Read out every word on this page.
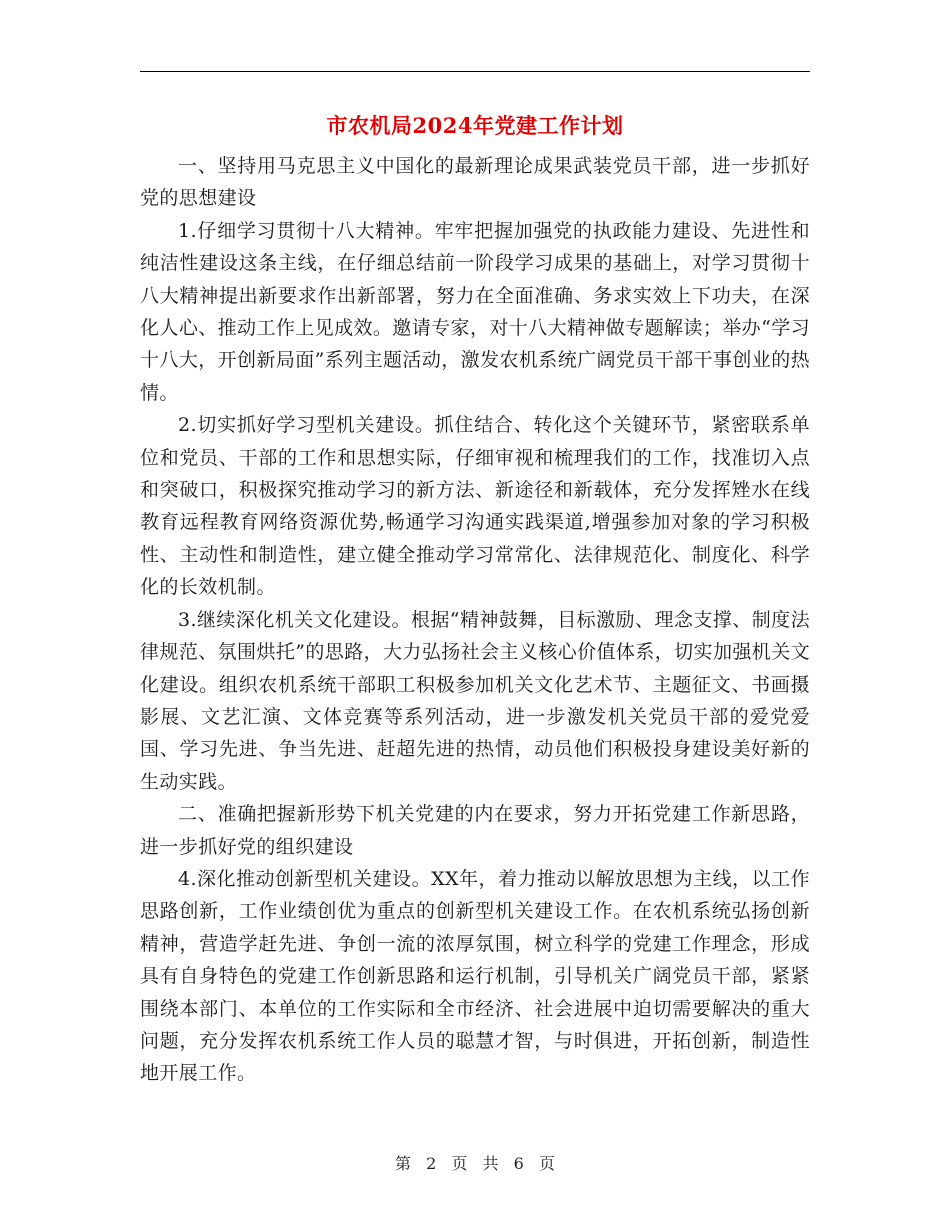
市农机局2024年党建工作计划

一、坚持用马克思主义中国化的最新理论成果武装党员干部，进一步抓好党的思想建设

1.仔细学习贯彻十八大精神。牢牢把握加强党的执政能力建设、先进性和纯洁性建设这条主线，在仔细总结前一阶段学习成果的基础上，对学习贯彻十八大精神提出新要求作出新部署，努力在全面准确、务求实效上下功夫，在深化人心、推动工作上见成效。邀请专家，对十八大精神做专题解读；举办“学习十八大，开创新局面”系列主题活动，激发农机系统广阔党员干部干事创业的热情。

2.切实抓好学习型机关建设。抓住结合、转化这个关键环节，紧密联系单位和党员、干部的工作和思想实际，仔细审视和梳理我们的工作，找准切入点和突破口，积极探究推动学习的新方法、新途径和新载体，充分发挥矬水在线教育远程教育网络资源优势,畅通学习沟通实践渠道,增强参加对象的学习积极性、主动性和制造性，建立健全推动学习常常化、法律规范化、制度化、科学化的长效机制。

3.继续深化机关文化建设。根据“精神鼓舞，目标激励、理念支撑、制度法律规范、氛围烘托”的思路，大力弘扬社会主义核心价值体系，切实加强机关文化建设。组织农机系统干部职工积极参加机关文化艺术节、主题征文、书画摄影展、文艺汇演、文体竞赛等系列活动，进一步激发机关党员干部的爱党爱国、学习先进、争当先进、赶超先进的热情，动员他们积极投身建设美好新的生动实践。

二、准确把握新形势下机关党建的内在要求，努力开拓党建工作新思路，进一步抓好党的组织建设

4.深化推动创新型机关建设。XX年，着力推动以解放思想为主线，以工作思路创新，工作业绩创优为重点的创新型机关建设工作。在农机系统弘扬创新精神，营造学赶先进、争创一流的浓厚氛围，树立科学的党建工作理念，形成具有自身特色的党建工作创新思路和运行机制，引导机关广阔党员干部，紧紧围绕本部门、本单位的工作实际和全市经济、社会进展中迫切需要解决的重大问题，充分发挥农机系统工作人员的聪慧才智，与时俱进，开拓创新，制造性地开展工作。

第 2 页 共 6 页
